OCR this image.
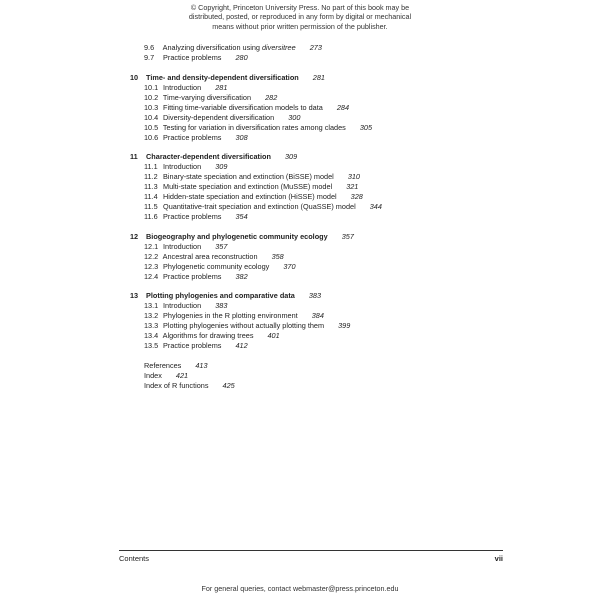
© Copyright, Princeton University Press. No part of this book may be
distributed, posted, or reproduced in any form by digital or mechanical
means without prior written permission of the publisher.
9.6 Analyzing diversification using diversitree 273
9.7 Practice problems 280
10 Time- and density-dependent diversification 281
10.1 Introduction 281
10.2 Time-varying diversification 282
10.3 Fitting time-variable diversification models to data 284
10.4 Diversity-dependent diversification 300
10.5 Testing for variation in diversification rates among clades 305
10.6 Practice problems 308
11 Character-dependent diversification 309
11.1 Introduction 309
11.2 Binary-state speciation and extinction (BiSSE) model 310
11.3 Multi-state speciation and extinction (MuSSE) model 321
11.4 Hidden-state speciation and extinction (HiSSE) model 328
11.5 Quantitative-trait speciation and extinction (QuaSSE) model 344
11.6 Practice problems 354
12 Biogeography and phylogenetic community ecology 357
12.1 Introduction 357
12.2 Ancestral area reconstruction 358
12.3 Phylogenetic community ecology 370
12.4 Practice problems 382
13 Plotting phylogenies and comparative data 383
13.1 Introduction 383
13.2 Phylogenies in the R plotting environment 384
13.3 Plotting phylogenies without actually plotting them 399
13.4 Algorithms for drawing trees 401
13.5 Practice problems 412
References 413
Index 421
Index of R functions 425
Contents	vii
For general queries, contact webmaster@press.princeton.edu
